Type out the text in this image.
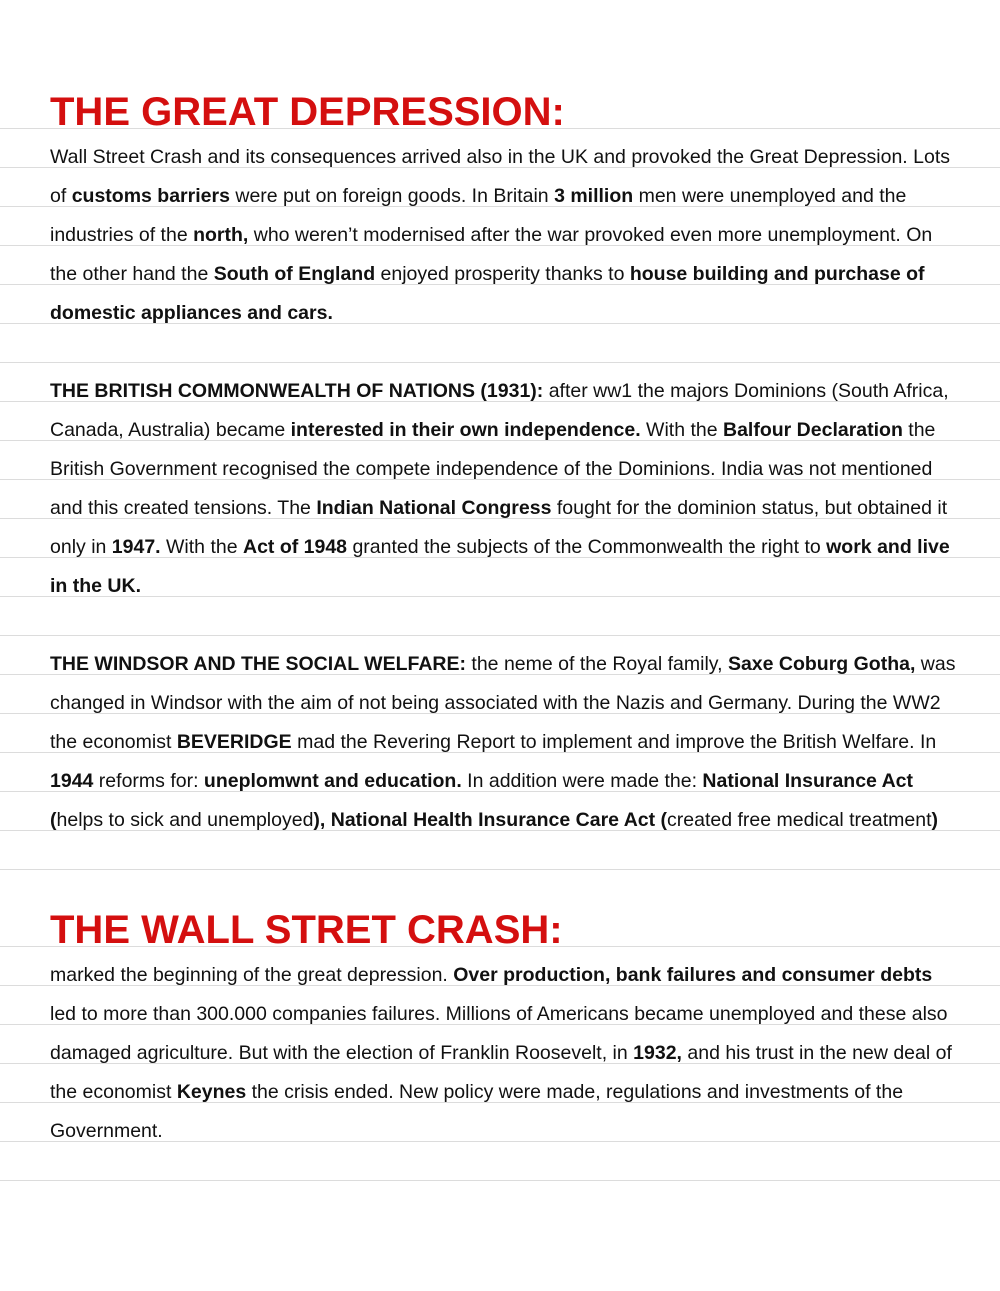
THE GREAT DEPRESSION:

Wall Street Crash and its consequences arrived also in the UK and provoked the Great Depression. Lots of customs barriers were put on foreign goods. In Britain 3 million men were unemployed and the industries of the north, who weren’t modernised after the war provoked even more unemployment. On the other hand the South of England enjoyed prosperity thanks to house building and purchase of domestic appliances and cars.

THE BRITISH COMMONWEALTH OF NATIONS (1931): after ww1 the majors Dominions (South Africa, Canada, Australia) became interested in their own independence. With the Balfour Declaration the British Government recognised the compete independence of the Dominions. India was not mentioned and this created tensions. The Indian National Congress fought for the dominion status, but obtained it only in 1947. With the Act of 1948 granted the subjects of the Commonwealth the right to work and live in the UK.

THE WINDSOR AND THE SOCIAL WELFARE: the neme of the Royal family, Saxe Coburg Gotha, was changed in Windsor with the aim of not being associated with the Nazis and Germany. During the WW2 the economist BEVERIDGE mad the Revering Report to implement and improve the British Welfare. In 1944 reforms for: uneplomwnt and education. In addition were made the: National Insurance Act (helps to sick and unemployed), National Health Insurance Care Act (created free medical treatment)

THE WALL STRET CRASH:

marked the beginning of the great depression. Over production, bank failures and consumer debts led to more than 300.000 companies failures. Millions of Americans became unemployed and these also damaged agriculture. But with the election of Franklin Roosevelt, in 1932, and his trust in the new deal of the economist Keynes the crisis ended. New policy were made, regulations and investments of the Government.
